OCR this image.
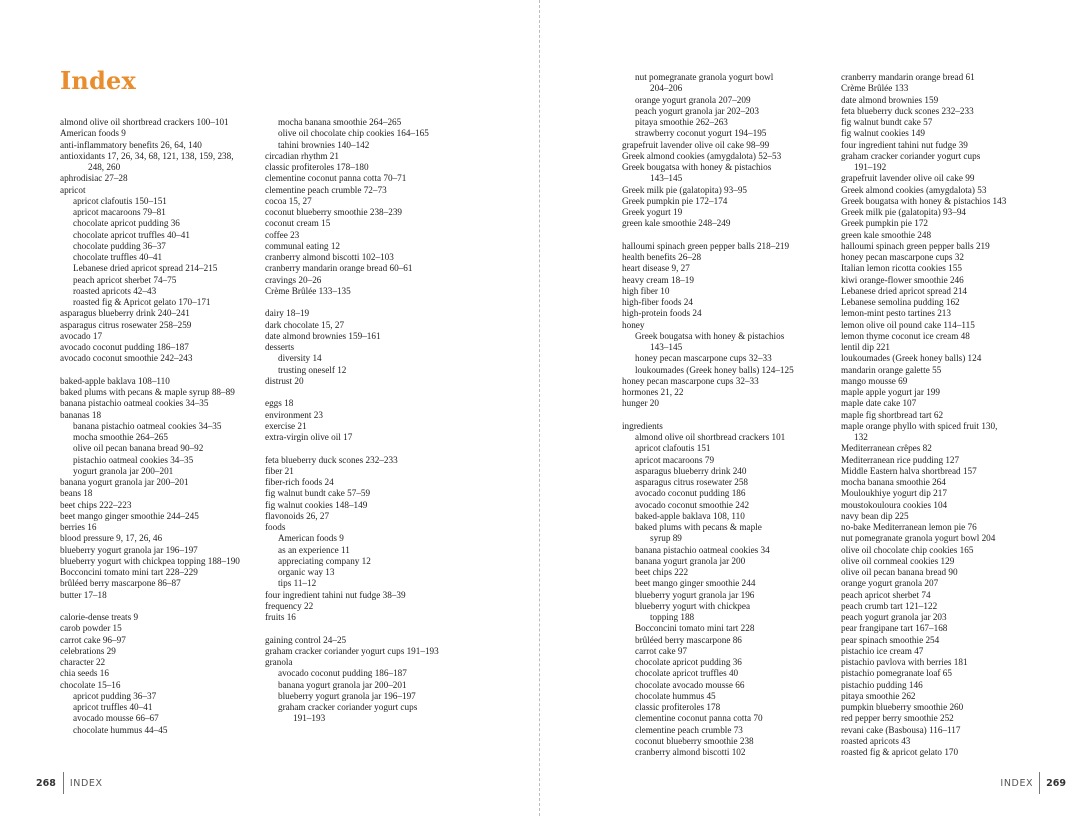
Index
almond olive oil shortbread crackers 100–101
American foods 9
anti-inflammatory benefits 26, 64, 140
antioxidants 17, 26, 34, 68, 121, 138, 159, 238,
248, 260
aphrodisiac 27–28
apricot
apricot clafoutis 150–151
apricot macaroons 79–81
chocolate apricot pudding 36
chocolate apricot truffles 40–41
chocolate pudding 36–37
chocolate truffles 40–41
Lebanese dried apricot spread 214–215
peach apricot sherbet 74–75
roasted apricots 42–43
roasted fig & Apricot gelato 170–171
asparagus blueberry drink 240–241
asparagus citrus rosewater 258–259
avocado 17
avocado coconut pudding 186–187
avocado coconut smoothie 242–243
baked-apple baklava 108–110
baked plums with pecans & maple syrup 88–89
banana pistachio oatmeal cookies 34–35
bananas 18
banana pistachio oatmeal cookies 34–35
mocha smoothie 264–265
olive oil pecan banana bread 90–92
pistachio oatmeal cookies 34–35
yogurt granola jar 200–201
banana yogurt granola jar 200–201
beans 18
beet chips 222–223
beet mango ginger smoothie 244–245
berries 16
blood pressure 9, 17, 26, 46
blueberry yogurt granola jar 196–197
blueberry yogurt with chickpea topping 188–190
Bocconcini tomato mini tart 228–229
brûléed berry mascarpone 86–87
butter 17–18
calorie-dense treats 9
carob powder 15
carrot cake 96–97
celebrations 29
character 22
chia seeds 16
chocolate 15–16
apricot pudding 36–37
apricot truffles 40–41
avocado mousse 66–67
chocolate hummus 44–45
mocha banana smoothie 264–265
olive oil chocolate chip cookies 164–165
tahini brownies 140–142
circadian rhythm 21
classic profiteroles 178–180
clementine coconut panna cotta 70–71
clementine peach crumble 72–73
cocoa 15, 27
coconut blueberry smoothie 238–239
coconut cream 15
coffee 23
communal eating 12
cranberry almond biscotti 102–103
cranberry mandarin orange bread 60–61
cravings 20–26
Crème Brûlée 133–135
dairy 18–19
dark chocolate 15, 27
date almond brownies 159–161
desserts
diversity 14
trusting oneself 12
distrust 20
eggs 18
environment 23
exercise 21
extra-virgin olive oil 17
feta blueberry duck scones 232–233
fiber 21
fiber-rich foods 24
fig walnut bundt cake 57–59
fig walnut cookies 148–149
flavonoids 26, 27
foods
American foods 9
as an experience 11
appreciating company 12
organic way 13
tips 11–12
four ingredient tahini nut fudge 38–39
frequency 22
fruits 16
gaining control 24–25
graham cracker coriander yogurt cups 191–193
granola
avocado coconut pudding 186–187
banana yogurt granola jar 200–201
blueberry yogurt granola jar 196–197
graham cracker coriander yogurt cups
191–193
268 INDEX
nut pomegranate granola yogurt bowl
204–206
orange yogurt granola 207–209
peach yogurt granola jar 202–203
pitaya smoothie 262–263
strawberry coconut yogurt 194–195
grapefruit lavender olive oil cake 98–99
Greek almond cookies (amygdalota) 52–53
Greek bougatsa with honey & pistachios
143–145
Greek milk pie (galatopita) 93–95
Greek pumpkin pie 172–174
Greek yogurt 19
green kale smoothie 248–249
halloumi spinach green pepper balls 218–219
health benefits 26–28
heart disease 9, 27
heavy cream 18–19
high fiber 10
high-fiber foods 24
high-protein foods 24
honey
Greek bougatsa with honey & pistachios
143–145
honey pecan mascarpone cups 32–33
loukoumades (Greek honey balls) 124–125
honey pecan mascarpone cups 32–33
hormones 21, 22
hunger 20
ingredients
almond olive oil shortbread crackers 101
apricot clafoutis 151
apricot macaroons 79
asparagus blueberry drink 240
asparagus citrus rosewater 258
avocado coconut pudding 186
avocado coconut smoothie 242
baked-apple baklava 108, 110
baked plums with pecans & maple
syrup 89
banana pistachio oatmeal cookies 34
banana yogurt granola jar 200
beet chips 222
beet mango ginger smoothie 244
blueberry yogurt granola jar 196
blueberry yogurt with chickpea
topping 188
Bocconcini tomato mini tart 228
brûléed berry mascarpone 86
carrot cake 97
chocolate apricot pudding 36
chocolate apricot truffles 40
chocolate avocado mousse 66
chocolate hummus 45
classic profiteroles 178
clementine coconut panna cotta 70
clementine peach crumble 73
coconut blueberry smoothie 238
cranberry almond biscotti 102
cranberry mandarin orange bread 61
Crème Brûlée 133
date almond brownies 159
feta blueberry duck scones 232–233
fig walnut bundt cake 57
fig walnut cookies 149
four ingredient tahini nut fudge 39
graham cracker coriander yogurt cups
191–192
grapefruit lavender olive oil cake 99
Greek almond cookies (amygdalota) 53
Greek bougatsa with honey & pistachios 143
Greek milk pie (galatopita) 93–94
Greek pumpkin pie 172
green kale smoothie 248
halloumi spinach green pepper balls 219
honey pecan mascarpone cups 32
Italian lemon ricotta cookies 155
kiwi orange-flower smoothie 246
Lebanese dried apricot spread 214
Lebanese semolina pudding 162
lemon-mint pesto tartines 213
lemon olive oil pound cake 114–115
lemon thyme coconut ice cream 48
lentil dip 221
loukoumades (Greek honey balls) 124
mandarin orange galette 55
mango mousse 69
maple apple yogurt jar 199
maple date cake 107
maple fig shortbread tart 62
maple orange phyllo with spiced fruit 130,
132
Mediterranean crêpes 82
Mediterranean rice pudding 127
Middle Eastern halva shortbread 157
mocha banana smoothie 264
Mouloukhiye yogurt dip 217
moustokouloura cookies 104
navy bean dip 225
no-bake Mediterranean lemon pie 76
nut pomegranate granola yogurt bowl 204
olive oil chocolate chip cookies 165
olive oil cornmeal cookies 129
olive oil pecan banana bread 90
orange yogurt granola 207
peach apricot sherbet 74
peach crumb tart 121–122
peach yogurt granola jar 203
pear frangipane tart 167–168
pear spinach smoothie 254
pistachio ice cream 47
pistachio pavlova with berries 181
pistachio pomegranate loaf 65
pistachio pudding 146
pitaya smoothie 262
pumpkin blueberry smoothie 260
red pepper berry smoothie 252
revani cake (Basbousa) 116–117
roasted apricots 43
roasted fig & apricot gelato 170
INDEX 269
